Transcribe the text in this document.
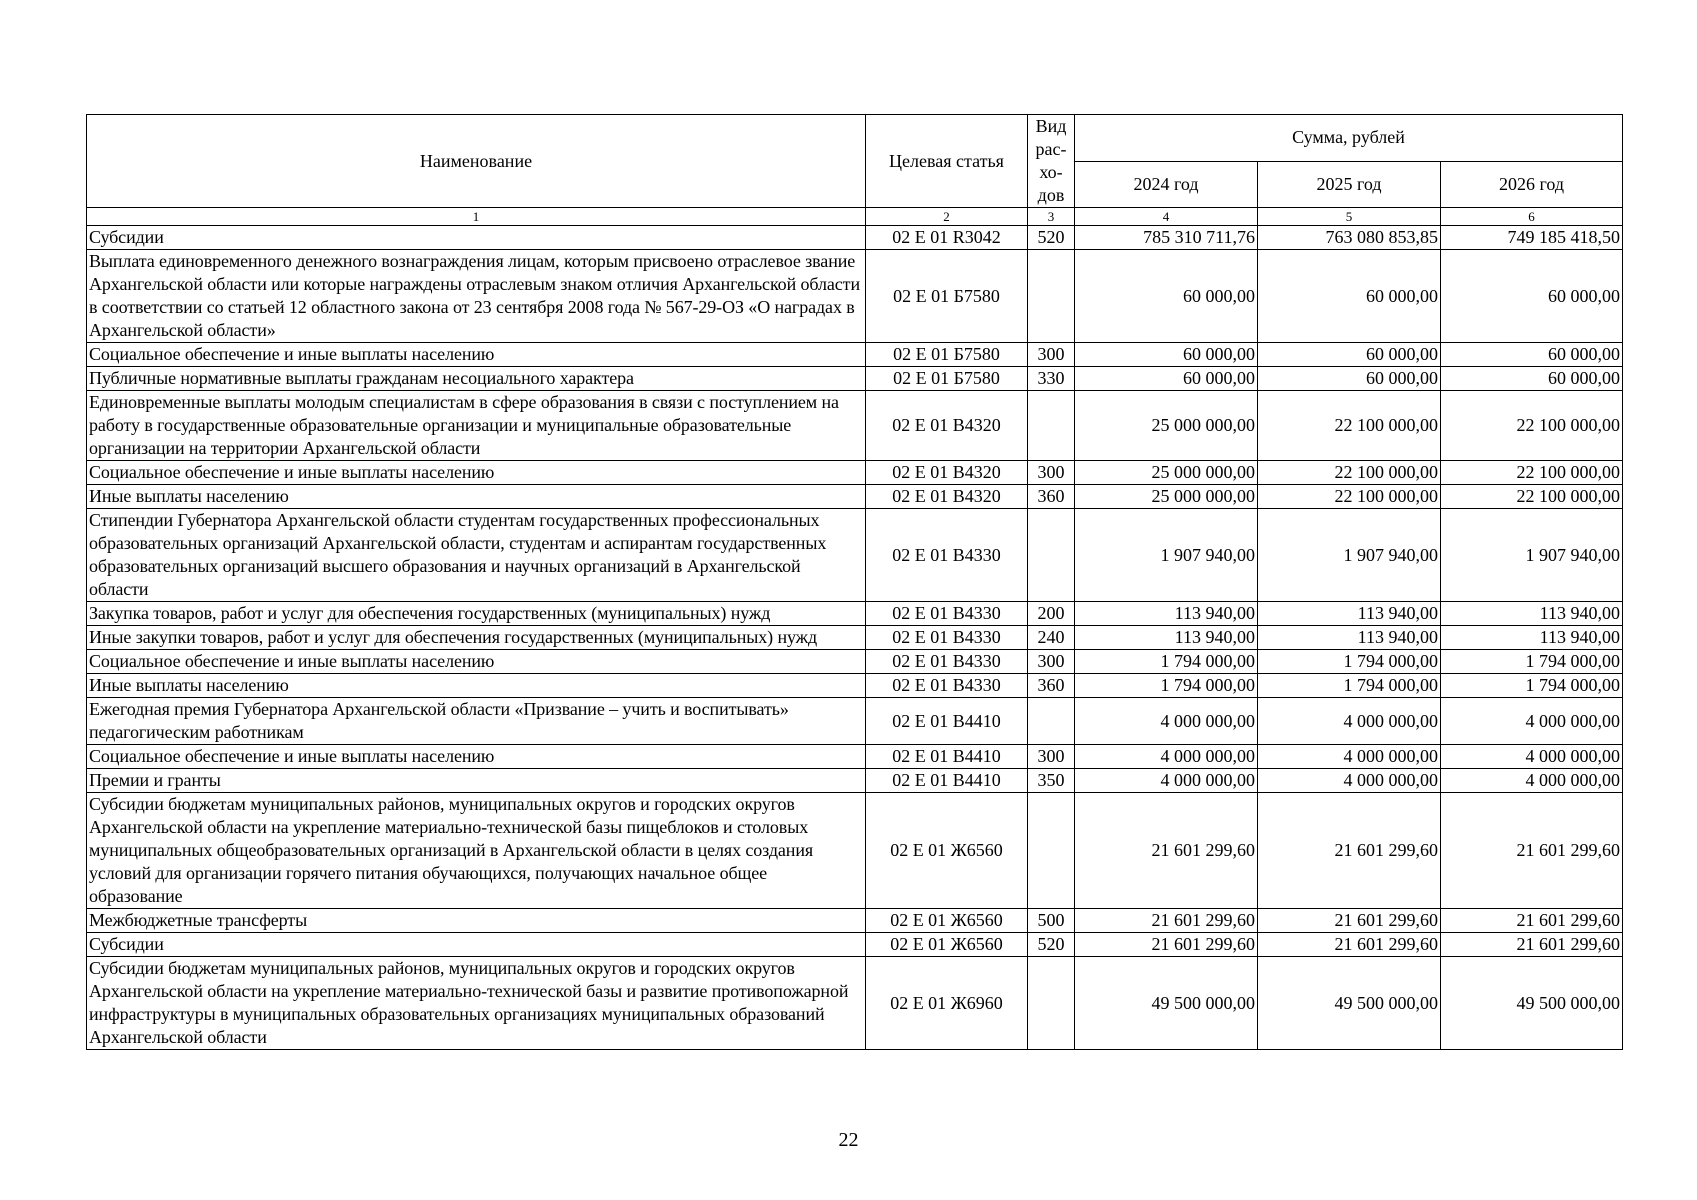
Наименование	Целевая статья	Вид рас-хо-дов	Сумма, рублей		
			2024 год	2025 год	2026 год
1	2	3	4	5	6
Субсидии	02 Е 01 R3042	520	785 310 711,76	763 080 853,85	749 185 418,50
Выплата единовременного денежного вознаграждения лицам, которым присвоено отраслевое звание Архангельской области или которые награждены отраслевым знаком отличия Архангельской области в соответствии со статьей 12 областного закона от 23 сентября 2008 года № 567-29-ОЗ «О наградах в Архангельской области»	02 Е 01 Б7580		60 000,00	60 000,00	60 000,00
Социальное обеспечение и иные выплаты населению	02 Е 01 Б7580	300	60 000,00	60 000,00	60 000,00
Публичные нормативные выплаты гражданам несоциального характера	02 Е 01 Б7580	330	60 000,00	60 000,00	60 000,00
Единовременные выплаты молодым специалистам в сфере образования в связи с поступлением на работу в государственные образовательные организации и муниципальные образовательные организации на территории Архангельской области	02 Е 01 В4320		25 000 000,00	22 100 000,00	22 100 000,00
Социальное обеспечение и иные выплаты населению	02 Е 01 В4320	300	25 000 000,00	22 100 000,00	22 100 000,00
Иные выплаты населению	02 Е 01 В4320	360	25 000 000,00	22 100 000,00	22 100 000,00
Стипендии Губернатора Архангельской области студентам государственных профессиональных образовательных организаций Архангельской области, студентам и аспирантам государственных образовательных организаций высшего образования и научных организаций в Архангельской области	02 Е 01 В4330		1 907 940,00	1 907 940,00	1 907 940,00
Закупка товаров, работ и услуг для обеспечения государственных (муниципальных) нужд	02 Е 01 В4330	200	113 940,00	113 940,00	113 940,00
Иные закупки товаров, работ и услуг для обеспечения государственных (муниципальных) нужд	02 Е 01 В4330	240	113 940,00	113 940,00	113 940,00
Социальное обеспечение и иные выплаты населению	02 Е 01 В4330	300	1 794 000,00	1 794 000,00	1 794 000,00
Иные выплаты населению	02 Е 01 В4330	360	1 794 000,00	1 794 000,00	1 794 000,00
Ежегодная премия Губернатора Архангельской области «Призвание – учить и воспитывать» педагогическим работникам	02 Е 01 В4410		4 000 000,00	4 000 000,00	4 000 000,00
Социальное обеспечение и иные выплаты населению	02 Е 01 В4410	300	4 000 000,00	4 000 000,00	4 000 000,00
Премии и гранты	02 Е 01 В4410	350	4 000 000,00	4 000 000,00	4 000 000,00
Субсидии бюджетам муниципальных районов, муниципальных округов и городских округов Архангельской области на укрепление материально-технической базы пищеблоков и столовых муниципальных общеобразовательных организаций в Архангельской области в целях создания условий для организации горячего питания обучающихся, получающих начальное общее образование	02 Е 01 Ж6560		21 601 299,60	21 601 299,60	21 601 299,60
Межбюджетные трансферты	02 Е 01 Ж6560	500	21 601 299,60	21 601 299,60	21 601 299,60
Субсидии	02 Е 01 Ж6560	520	21 601 299,60	21 601 299,60	21 601 299,60
Субсидии бюджетам муниципальных районов, муниципальных округов и городских округов Архангельской области на укрепление материально-технической базы и развитие противопожарной инфраструктуры в муниципальных образовательных организациях муниципальных образований Архангельской области	02 Е 01 Ж6960		49 500 000,00	49 500 000,00	49 500 000,00
22
